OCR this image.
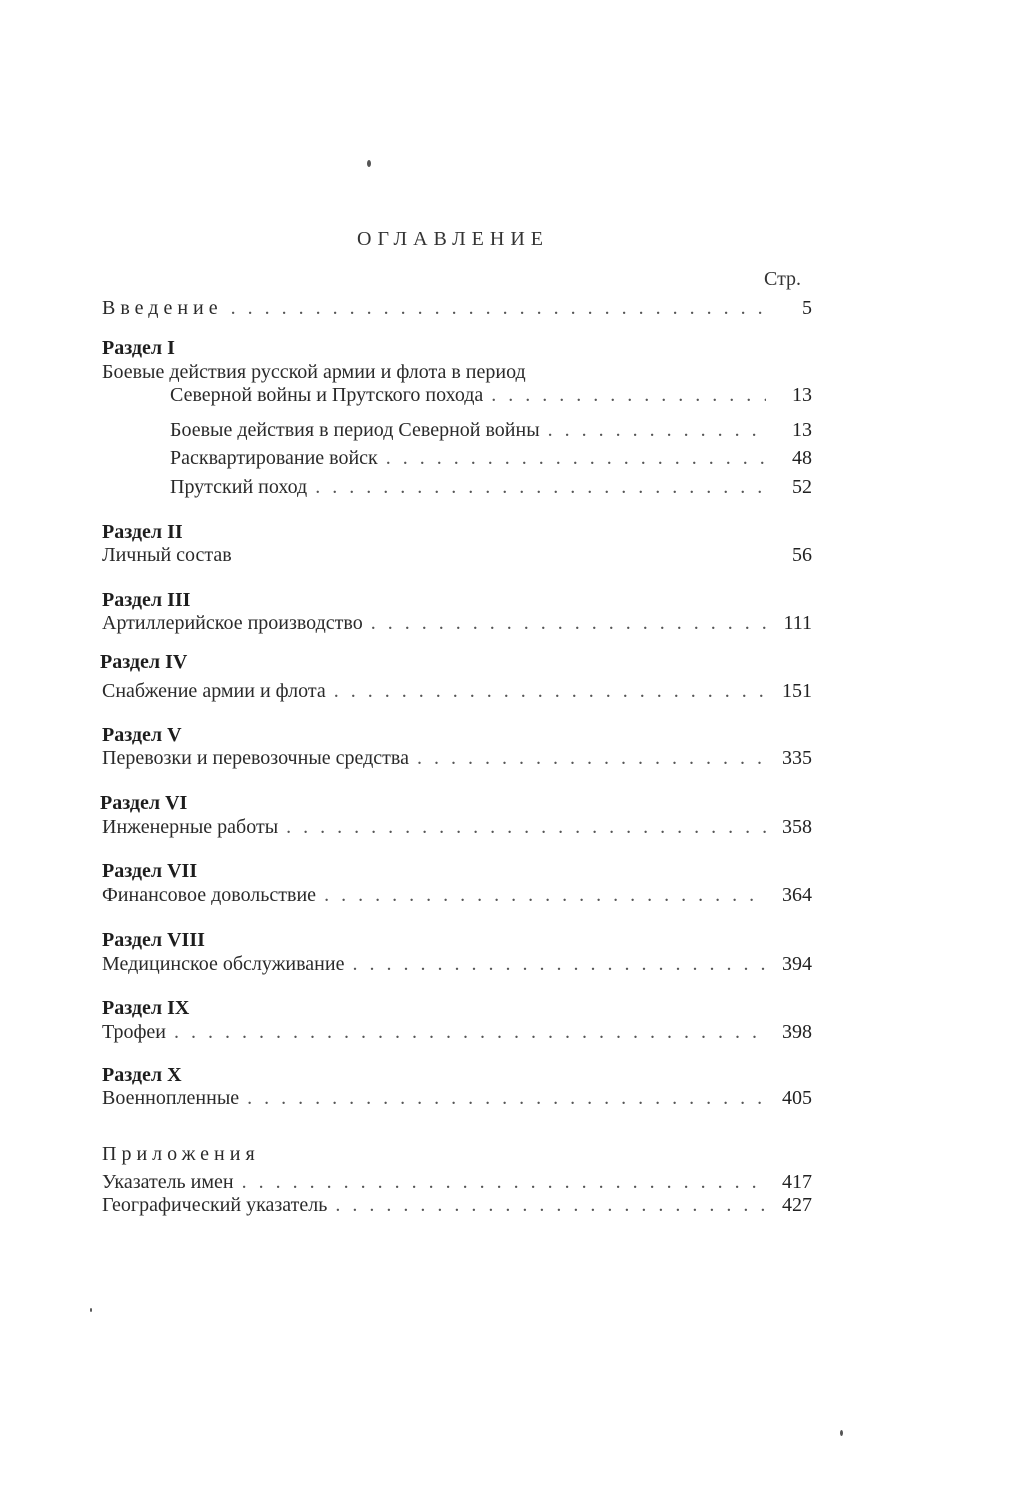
ОГЛАВЛЕНИЕ
Стр.
Введение .....	5
Раздел I
Боевые действия русской армии и флота в период
Северной войны и Прутского похода .....	13
Боевые действия в период Северной войны .....	13
Расквартирование войск .....	48
Прутский поход .....	52
Раздел II
Личный состав	56
Раздел III
Артиллерийское производство .....	111
Раздел IV
Снабжение армии и флота .....	151
Раздел V
Перевозки и перевозочные средства .....	335
Раздел VI
Инженерные работы .....	358
Раздел VII
Финансовое довольствие .....	364
Раздел VIII
Медицинское обслуживание .....	394
Раздел IX
Трофеи .....	398
Раздел X
Военнопленные .....	405
Приложения
Указатель имен .....	417
Географический указатель .....	427
